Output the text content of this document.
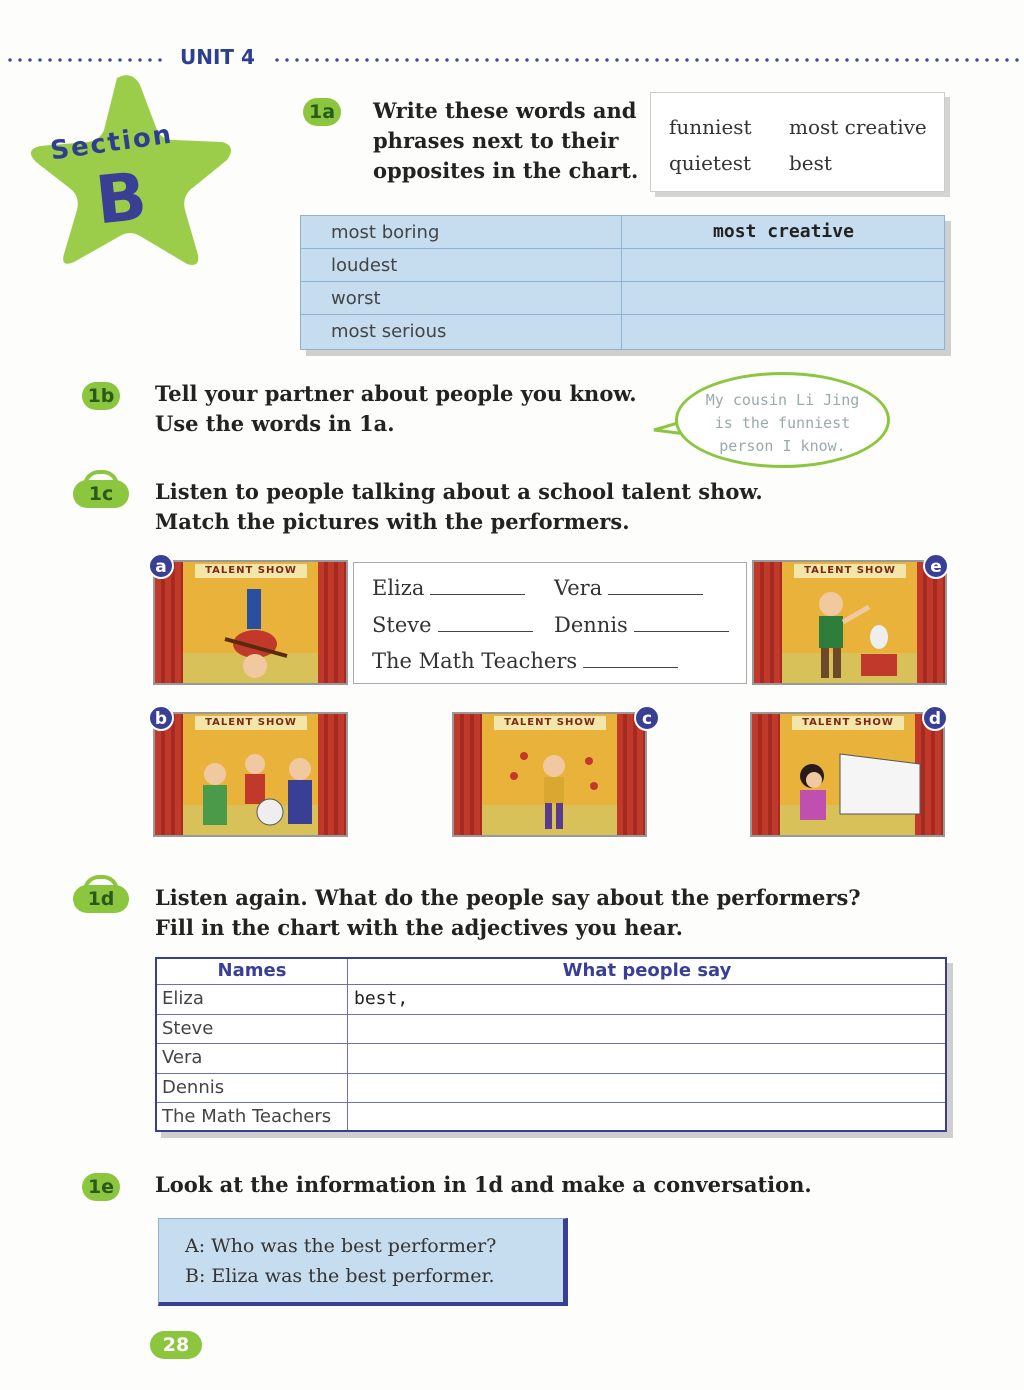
UNIT 4
Section
B
1a Write these words and
phrases next to their
opposites in the chart.
funniest most creative
quietest best
most boring	most creative
loudest
worst
most serious
1b Tell your partner about people you know.
Use the words in 1a.
My cousin Li Jing
is the funniest
person I know.
1c	Listen to people talking about a school talent show.
Match the pictures with the performers.
TALENT SHOW
a
Eliza	Vera
Steve	Dennis
The Math Teachers
TALENT SHOW	e
TALENT SHOW
b	TALENT SHOW	c	TALENT SHOW	d
1d	Listen again. What do the people say about the performers?
Fill in the chart with the adjectives you hear.
Names	What people say
Eliza	best,
Steve
Vera
Dennis
The Math Teachers
1e Look at the information in 1d and make a conversation.
A: Who was the best performer?
B: Eliza was the best performer.
28
